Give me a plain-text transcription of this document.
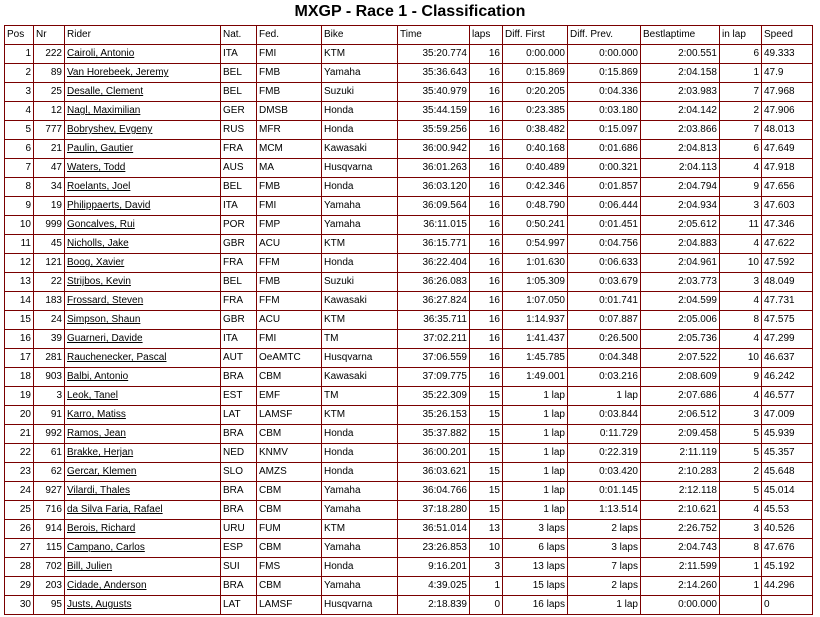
MXGP - Race 1 - Classification
Pos	Nr	Rider	Nat.	Fed.	Bike	Time	laps	Diff. First	Diff. Prev.	Bestlaptime	in lap	Speed
1	222	Cairoli, Antonio	ITA	FMI	KTM	35:20.774	16	0:00.000	0:00.000	2:00.551	6	49.333
2	89	Van Horebeek, Jeremy	BEL	FMB	Yamaha	35:36.643	16	0:15.869	0:15.869	2:04.158	1	47.9
3	25	Desalle, Clement	BEL	FMB	Suzuki	35:40.979	16	0:20.205	0:04.336	2:03.983	7	47.968
4	12	Nagl, Maximilian	GER	DMSB	Honda	35:44.159	16	0:23.385	0:03.180	2:04.142	2	47.906
5	777	Bobryshev, Evgeny	RUS	MFR	Honda	35:59.256	16	0:38.482	0:15.097	2:03.866	7	48.013
6	21	Paulin, Gautier	FRA	MCM	Kawasaki	36:00.942	16	0:40.168	0:01.686	2:04.813	6	47.649
7	47	Waters, Todd	AUS	MA	Husqvarna	36:01.263	16	0:40.489	0:00.321	2:04.113	4	47.918
8	34	Roelants, Joel	BEL	FMB	Honda	36:03.120	16	0:42.346	0:01.857	2:04.794	9	47.656
9	19	Philippaerts, David	ITA	FMI	Yamaha	36:09.564	16	0:48.790	0:06.444	2:04.934	3	47.603
10	999	Goncalves, Rui	POR	FMP	Yamaha	36:11.015	16	0:50.241	0:01.451	2:05.612	11	47.346
11	45	Nicholls, Jake	GBR	ACU	KTM	36:15.771	16	0:54.997	0:04.756	2:04.883	4	47.622
12	121	Boog, Xavier	FRA	FFM	Honda	36:22.404	16	1:01.630	0:06.633	2:04.961	10	47.592
13	22	Strijbos, Kevin	BEL	FMB	Suzuki	36:26.083	16	1:05.309	0:03.679	2:03.773	3	48.049
14	183	Frossard, Steven	FRA	FFM	Kawasaki	36:27.824	16	1:07.050	0:01.741	2:04.599	4	47.731
15	24	Simpson, Shaun	GBR	ACU	KTM	36:35.711	16	1:14.937	0:07.887	2:05.006	8	47.575
16	39	Guarneri, Davide	ITA	FMI	TM	37:02.211	16	1:41.437	0:26.500	2:05.736	4	47.299
17	281	Rauchenecker, Pascal	AUT	OeAMTC	Husqvarna	37:06.559	16	1:45.785	0:04.348	2:07.522	10	46.637
18	903	Balbi, Antonio	BRA	CBM	Kawasaki	37:09.775	16	1:49.001	0:03.216	2:08.609	9	46.242
19	3	Leok, Tanel	EST	EMF	TM	35:22.309	15	1 lap	1 lap	2:07.686	4	46.577
20	91	Karro, Matiss	LAT	LAMSF	KTM	35:26.153	15	1 lap	0:03.844	2:06.512	3	47.009
21	992	Ramos, Jean	BRA	CBM	Honda	35:37.882	15	1 lap	0:11.729	2:09.458	5	45.939
22	61	Brakke, Herjan	NED	KNMV	Honda	36:00.201	15	1 lap	0:22.319	2:11.119	5	45.357
23	62	Gercar, Klemen	SLO	AMZS	Honda	36:03.621	15	1 lap	0:03.420	2:10.283	2	45.648
24	927	Vilardi, Thales	BRA	CBM	Yamaha	36:04.766	15	1 lap	0:01.145	2:12.118	5	45.014
25	716	da Silva Faria, Rafael	BRA	CBM	Yamaha	37:18.280	15	1 lap	1:13.514	2:10.621	4	45.53
26	914	Berois, Richard	URU	FUM	KTM	36:51.014	13	3 laps	2 laps	2:26.752	3	40.526
27	115	Campano, Carlos	ESP	CBM	Yamaha	23:26.853	10	6 laps	3 laps	2:04.743	8	47.676
28	702	Bill, Julien	SUI	FMS	Honda	9:16.201	3	13 laps	7 laps	2:11.599	1	45.192
29	203	Cidade, Anderson	BRA	CBM	Yamaha	4:39.025	1	15 laps	2 laps	2:14.260	1	44.296
30	95	Justs, Augusts	LAT	LAMSF	Husqvarna	2:18.839	0	16 laps	1 lap	0:00.000		0
